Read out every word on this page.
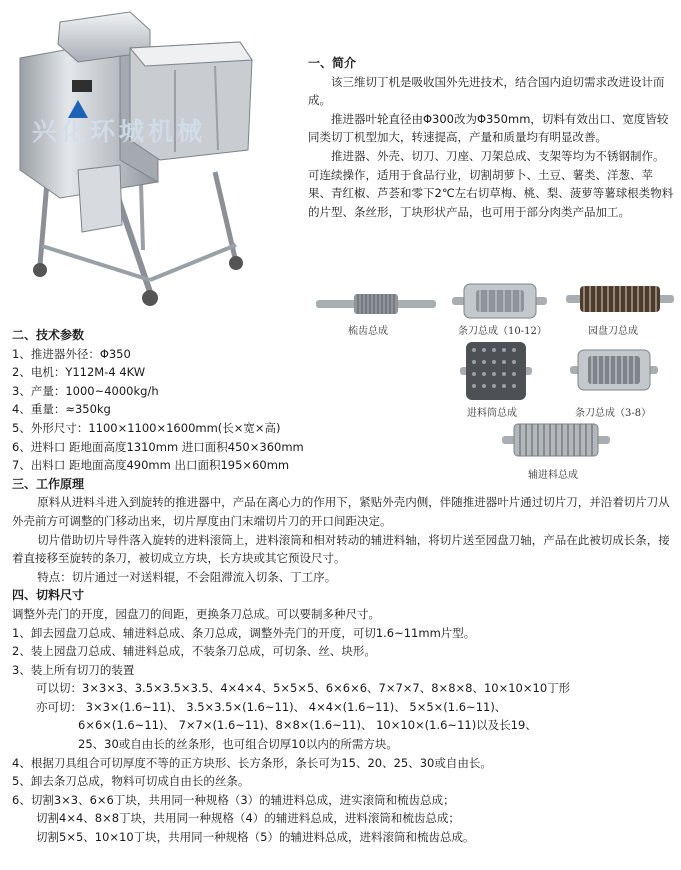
兴化环城机械
一、简介

该三维切丁机是吸收国外先进技术，结合国内迫切需求改进设计而成。

推进器叶轮直径由Φ300改为Φ350mm，切料有效出口、宽度皆较同类切丁机型加大，转速提高，产量和质量均有明显改善。

推进器、外壳、切刀、刀座、刀架总成、支架等均为不锈钢制作。可连续操作，适用于食品行业，切割胡萝卜、土豆、薯类、洋葱、苹果、青红椒、芦荟和零下2℃左右切草梅、桃、梨、菠萝等薯球根类物料的片型、条丝形，丁块形状产品，也可用于部分肉类产品加工。

梳齿总成	条刀总成（10-12）	园盘刀总成
进料筒总成	条刀总成（3-8）
辅进料总成
二、技术参数
1、推进器外径：Φ350
2、电机：Y112M-4 4KW
3、产量：1000~4000kg/h
4、重量：≈350kg
5、外形尺寸：1100×1100×1600mm(长×宽×高)
6、进料口 距地面高度1310mm 进口面积450×360mm
7、出料口 距地面高度490mm 出口面积195×60mm
三、工作原理

原料从进料斗进入到旋转的推进器中，产品在离心力的作用下，紧贴外壳内侧，伴随推进器叶片通过切片刀，并沿着切片刀从外壳前方可调整的门移动出来，切片厚度由门末端切片刀的开口间距决定。

切片借助切片导件落入旋转的进料滚筒上，进料滚筒和相对转动的辅进料轴，将切片送至园盘刀轴，产品在此被切成长条，接着直接移至旋转的条刀，被切成立方块，长方块或其它预设尺寸。

特点：切片通过一对送料辊，不会阻滞流入切条、丁工序。

四、切料尺寸
调整外壳门的开度，园盘刀的间距，更换条刀总成。可以要制多种尺寸。
1、卸去园盘刀总成、辅进料总成、条刀总成，调整外壳门的开度，可切1.6~11mm片型。
2、装上园盘刀总成、辅进料总成，不装条刀总成，可切条、丝、块形。
3、装上所有切刀的装置
可以切：3×3×3、3.5×3.5×3.5、4×4×4、5×5×5、6×6×6、7×7×7、8×8×8、10×10×10丁形
亦可切： 3×3×(1.6~11)、 3.5×3.5×(1.6~11)、 4×4×(1.6~11)、 5×5×(1.6~11)、
6×6×(1.6~11)、 7×7×(1.6~11)、8×8×(1.6~11)、 10×10×(1.6~11)以及长19、
25、30或自由长的丝条形，也可组合切厚10以内的所需方块。
4、根据刀具组合可切厚度不等的正方块形、长方条形，条长可为15、20、25、30或自由长。
5、卸去条刀总成，物料可切成自由长的丝条。
6、切割3×3、6×6丁块，共用同一种规格（3）的辅进料总成，进实滚筒和梳齿总成；
切割4×4、8×8丁块，共用同一种规格（4）的辅进料总成，进料滚筒和梳齿总成；
切割5×5、10×10丁块，共用同一种规格（5）的辅进料总成，进料滚筒和梳齿总成。
